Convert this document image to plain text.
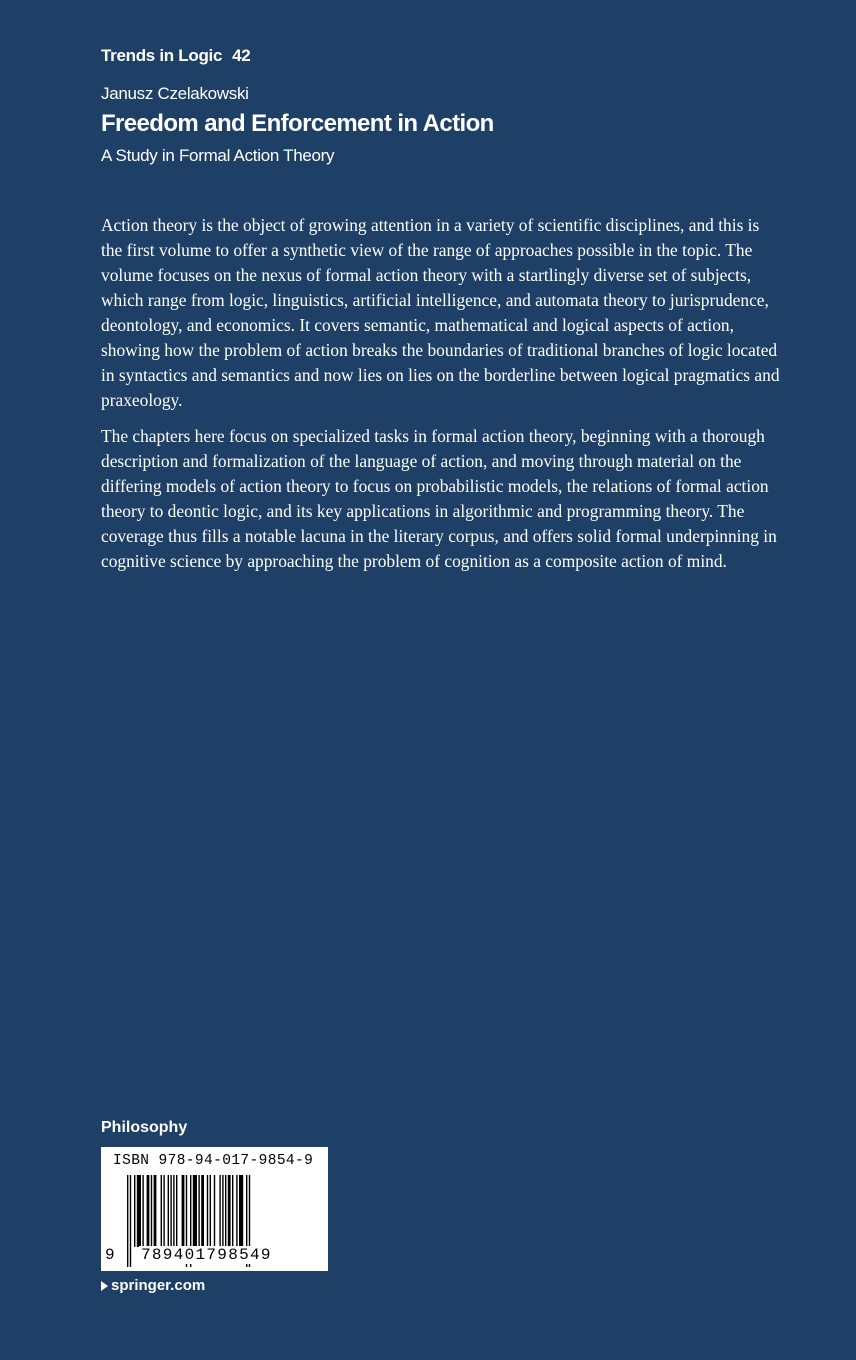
Trends in Logic 42
Janusz Czelakowski
Freedom and Enforcement in Action
A Study in Formal Action Theory

Action theory is the object of growing attention in a variety of scientific disciplines, and this is the first volume to offer a synthetic view of the range of approaches possible in the topic. The volume focuses on the nexus of formal action theory with a startlingly diverse set of subjects, which range from logic, linguistics, artificial intelligence, and automata theory to jurisprudence, deontology, and economics. It covers semantic, mathematical and logical aspects of action, showing how the problem of action breaks the boundaries of traditional branches of logic located in syntactics and semantics and now lies on lies on the borderline between logical pragmatics and praxeology.

The chapters here focus on specialized tasks in formal action theory, beginning with a thorough description and formalization of the language of action, and moving through material on the differing models of action theory to focus on probabilistic models, the relations of formal action theory to deontic logic, and its key applications in algorithmic and programming theory. The coverage thus fills a notable lacuna in the literary corpus, and offers solid formal underpinning in cognitive science by approaching the problem of cognition as a composite action of mind.

Philosophy
ISBN 978-94-017-9854-9
9 789401798549
springer.com
